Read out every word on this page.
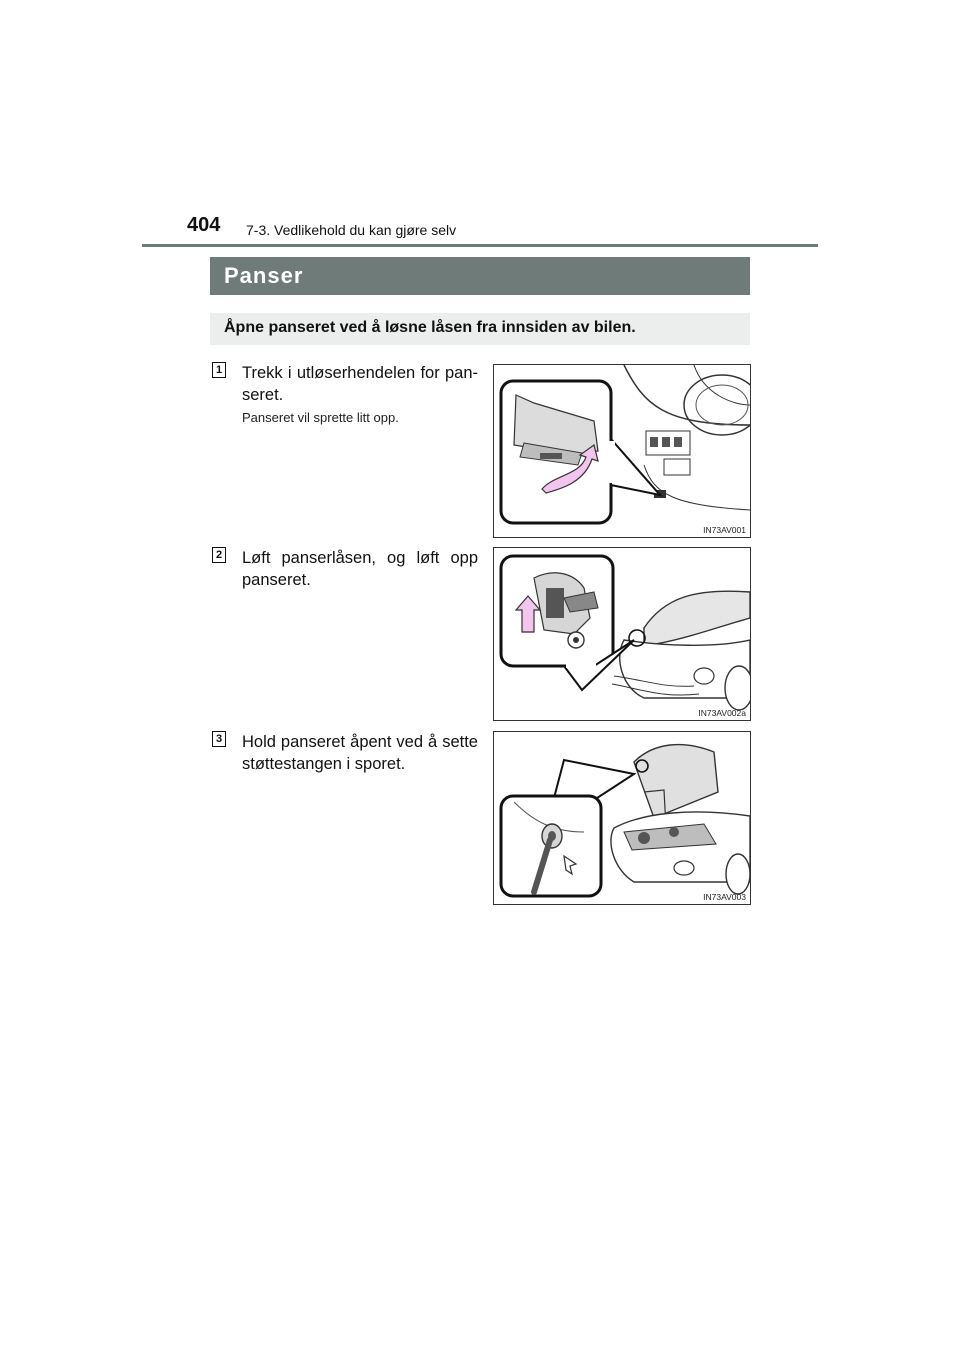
404 7-3. Vedlikehold du kan gjøre selv
Panser
Åpne panseret ved å løsne låsen fra innsiden av bilen.
1 Trekk i utløserhendelen for pan-seret.
Panseret vil sprette litt opp.
IN73AV001
2 Løft panserlåsen, og løft opp panseret.
IN73AV002a
3 Hold panseret åpent ved å sette støttestangen i sporet.
IN73AV003
